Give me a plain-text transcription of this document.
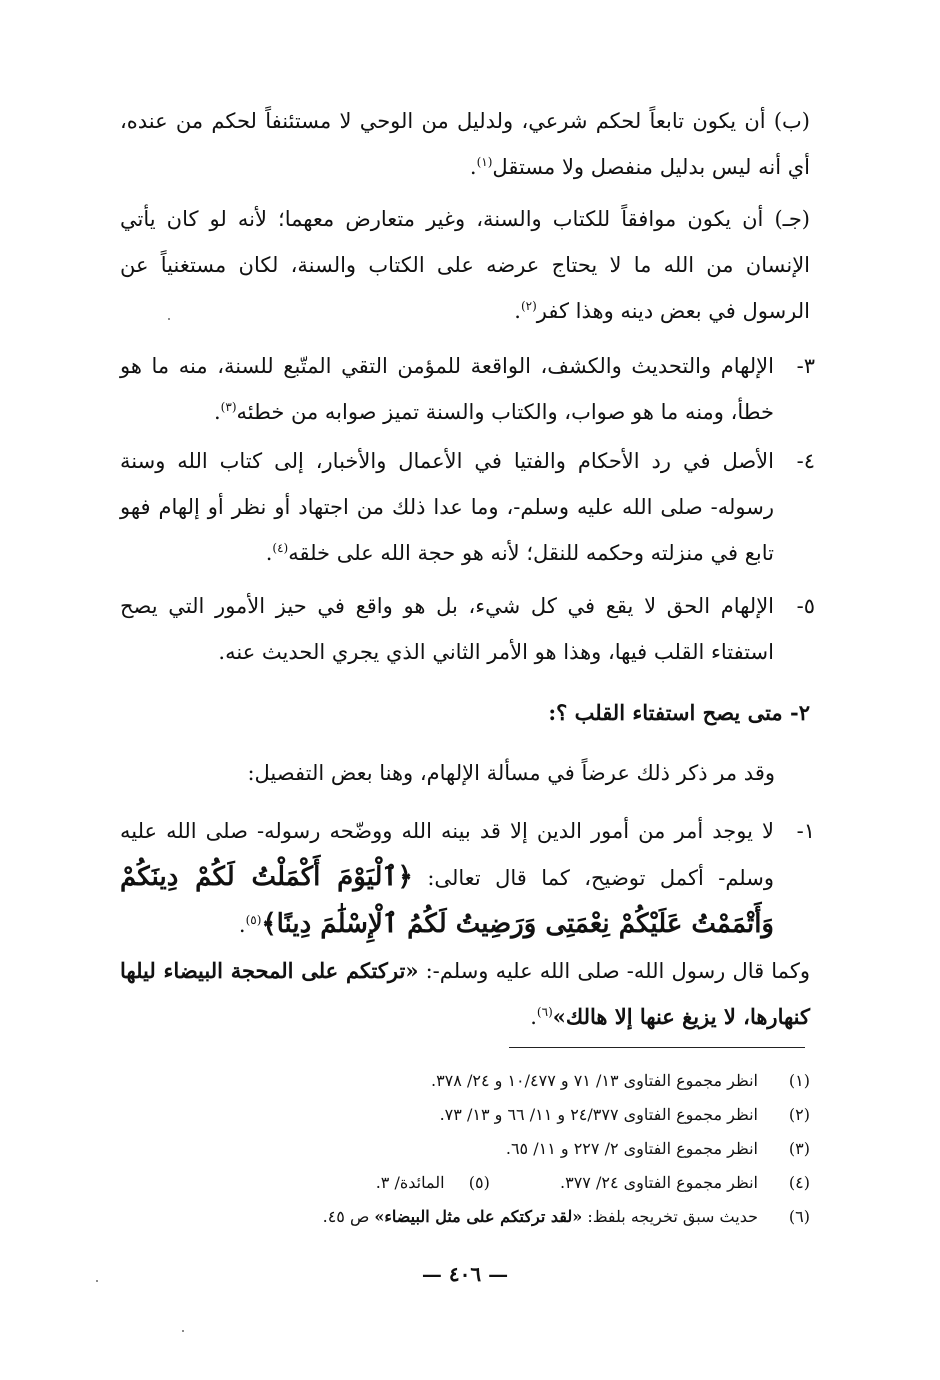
(ب) أن يكون تابعاً لحكم شرعي، ولدليل من الوحي لا مستئنفاً لحكم من عنده، أي أنه ليس بدليل منفصل ولا مستقل$^{(١)}$.
(جـ) أن يكون موافقاً للكتاب والسنة، وغير متعارض معهما؛ لأنه لو كان يأتي الإنسان من الله ما لا يحتاج عرضه على الكتاب والسنة، لكان مستغنياً عن الرسول في بعض دينه وهذا كفر$^{(٢)}$.
٣-
الإلهام والتحديث والكشف، الواقعة للمؤمن التقي المتّبع للسنة، منه ما هو خطأ، ومنه ما هو صواب، والكتاب والسنة تميز صوابه من خطئه$^{(٣)}$.
٤-
الأصل في رد الأحكام والفتيا في الأعمال والأخبار، إلى كتاب الله وسنة رسوله- صلى الله عليه وسلم-، وما عدا ذلك من اجتهاد أو نظر أو إلهام فهو تابع في منزلته وحكمه للنقل؛ لأنه هو حجة الله على خلقه$^{(٤)}$.
٥-
الإلهام الحق لا يقع في كل شيء، بل هو واقع في حيز الأمور التي يصح استفتاء القلب فيها، وهذا هو الأمر الثاني الذي يجري الحديث عنه.
٢- متى يصح استفتاء القلب ؟:
وقد مر ذكر ذلك عرضاً في مسألة الإلهام، وهنا بعض التفصيل:
١-
لا يوجد أمر من أمور الدين إلا قد بينه الله ووضّحه رسوله- صلى الله عليه وسلم- أكمل توضيح، كما قال تعالى: ﴿ٱلْيَوْمَ أَكْمَلْتُ لَكُمْ دِينَكُمْ وَأَتْمَمْتُ عَلَيْكُمْ نِعْمَتِى وَرَضِيتُ لَكُمُ ٱلْإِسْلَٰمَ دِينًا﴾$^{(٥)}$.
وكما قال رسول الله- صلى الله عليه وسلم-: «تركتكم على المحجة البيضاء ليلها كنهارها، لا يزيغ عنها إلا هالك»$^{(٦)}$.
(١)انظر مجموع الفتاوى ١٣/ ٧١ و ١٠/٤٧٧ و ٢٤/ ٣٧٨.
(٢)انظر مجموع الفتاوى ٢٤/٣٧٧ و ١١/ ٦٦ و ١٣/ ٧٣.
(٣)انظر مجموع الفتاوى ٢/ ٢٢٧ و ١١/ ٦٥.
(٤)انظر مجموع الفتاوى ٢٤/ ٣٧٧.  (٥)  المائدة/ ٣.
(٦)حديث سبق تخريجه بلفظ: «لقد تركتكم على مثل البيضاء» ص ٤٥.
— ٤٠٦ —
